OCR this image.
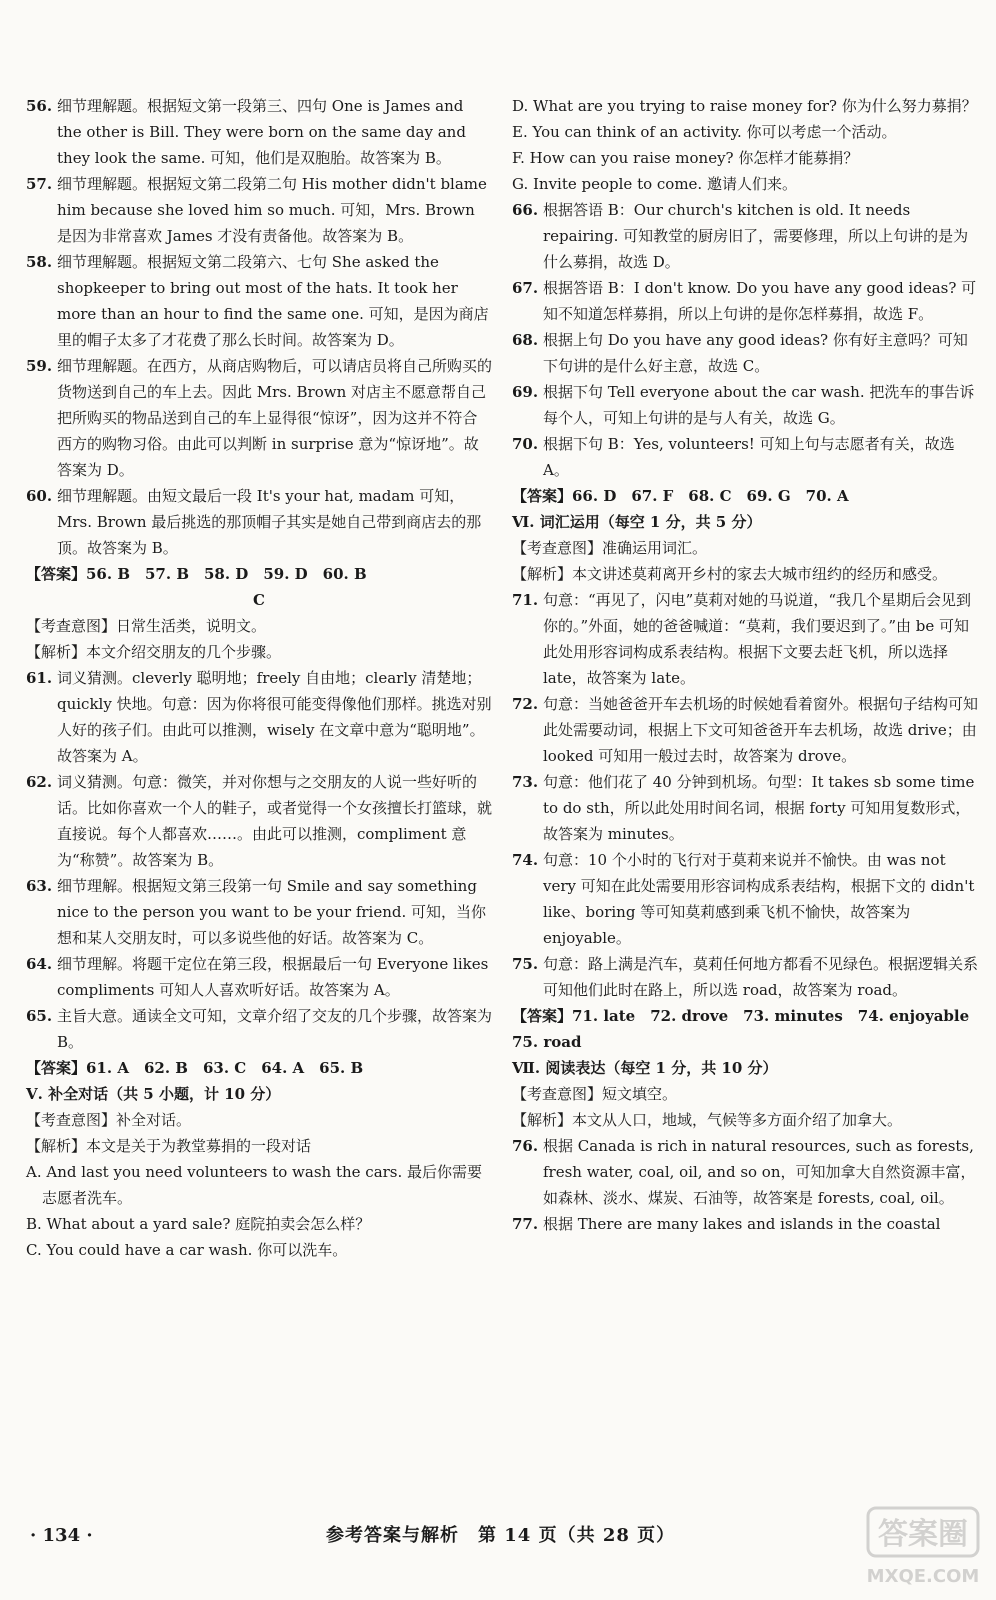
56. 细节理解题。根据短文第一段第三、四句 One is James and the other is Bill. They were born on the same day and they look the same. 可知，他们是双胞胎。故答案为 B。
57. 细节理解题。根据短文第二段第二句 His mother didn't blame him because she loved him so much. 可知，Mrs. Brown 是因为非常喜欢 James 才没有责备他。故答案为 B。
58. 细节理解题。根据短文第二段第六、七句 She asked the shopkeeper to bring out most of the hats. It took her more than an hour to find the same one. 可知，是因为商店里的帽子太多了才花费了那么长时间。故答案为 D。
59. 细节理解题。在西方，从商店购物后，可以请店员将自己所购买的货物送到自己的车上去。因此 Mrs. Brown 对店主不愿意帮自己把所购买的物品送到自己的车上显得很“惊讶”，因为这并不符合西方的购物习俗。由此可以判断 in surprise 意为“惊讶地”。故答案为 D。
60. 细节理解题。由短文最后一段 It's your hat, madam 可知，Mrs. Brown 最后挑选的那顶帽子其实是她自己带到商店去的那顶。故答案为 B。
【答案】56. B　57. B　58. D　59. D　60. B
C
【考查意图】日常生活类，说明文。
【解析】本文介绍交朋友的几个步骤。
61. 词义猜测。cleverly 聪明地；freely 自由地；clearly 清楚地；quickly 快地。句意：因为你将很可能变得像他们那样。挑选对别人好的孩子们。由此可以推测，wisely 在文章中意为“聪明地”。故答案为 A。
62. 词义猜测。句意：微笑，并对你想与之交朋友的人说一些好听的话。比如你喜欢一个人的鞋子，或者觉得一个女孩擅长打篮球，就直接说。每个人都喜欢……。由此可以推测，compliment 意为“称赞”。故答案为 B。
63. 细节理解。根据短文第三段第一句 Smile and say something nice to the person you want to be your friend. 可知，当你想和某人交朋友时，可以多说些他的好话。故答案为 C。
64. 细节理解。将题干定位在第三段，根据最后一句 Everyone likes compliments 可知人人喜欢听好话。故答案为 A。
65. 主旨大意。通读全文可知，文章介绍了交友的几个步骤，故答案为 B。
【答案】61. A　62. B　63. C　64. A　65. B
Ⅴ. 补全对话（共 5 小题，计 10 分）
【考查意图】补全对话。
【解析】本文是关于为教堂募捐的一段对话
A. And last you need volunteers to wash the cars. 最后你需要志愿者洗车。
B. What about a yard sale? 庭院拍卖会怎么样？
C. You could have a car wash. 你可以洗车。
D. What are you trying to raise money for? 你为什么努力募捐？
E. You can think of an activity. 你可以考虑一个活动。
F. How can you raise money? 你怎样才能募捐？
G. Invite people to come. 邀请人们来。
66. 根据答语 B：Our church's kitchen is old. It needs repairing. 可知教堂的厨房旧了，需要修理，所以上句讲的是为什么募捐，故选 D。
67. 根据答语 B：I don't know. Do you have any good ideas? 可知不知道怎样募捐，所以上句讲的是你怎样募捐，故选 F。
68. 根据上句 Do you have any good ideas? 你有好主意吗？可知下句讲的是什么好主意，故选 C。
69. 根据下句 Tell everyone about the car wash. 把洗车的事告诉每个人，可知上句讲的是与人有关，故选 G。
70. 根据下句 B：Yes, volunteers! 可知上句与志愿者有关，故选 A。
【答案】66. D　67. F　68. C　69. G　70. A
Ⅵ. 词汇运用（每空 1 分，共 5 分）
【考查意图】准确运用词汇。
【解析】本文讲述莫莉离开乡村的家去大城市纽约的经历和感受。
71. 句意：“再见了，闪电”莫莉对她的马说道，“我几个星期后会见到你的。”外面，她的爸爸喊道：“莫莉，我们要迟到了。”由 be 可知此处用形容词构成系表结构。根据下文要去赶飞机，所以选择 late，故答案为 late。
72. 句意：当她爸爸开车去机场的时候她看着窗外。根据句子结构可知此处需要动词，根据上下文可知爸爸开车去机场，故选 drive；由 looked 可知用一般过去时，故答案为 drove。
73. 句意：他们花了 40 分钟到机场。句型：It takes sb some time to do sth，所以此处用时间名词，根据 forty 可知用复数形式，故答案为 minutes。
74. 句意：10 个小时的飞行对于莫莉来说并不愉快。由 was not very 可知在此处需要用形容词构成系表结构，根据下文的 didn't like、boring 等可知莫莉感到乘飞机不愉快，故答案为 enjoyable。
75. 句意：路上满是汽车，莫莉任何地方都看不见绿色。根据逻辑关系可知他们此时在路上，所以选 road，故答案为 road。
【答案】71. late　72. drove　73. minutes　74. enjoyable　75. road
Ⅶ. 阅读表达（每空 1 分，共 10 分）
【考查意图】短文填空。
【解析】本文从人口，地域，气候等多方面介绍了加拿大。
76. 根据 Canada is rich in natural resources, such as forests, fresh water, coal, oil, and so on，可知加拿大自然资源丰富，如森林、淡水、煤炭、石油等，故答案是 forests, coal, oil。
77. 根据 There are many lakes and islands in the coastal
· 134 ·	参考答案与解析　第 14 页（共 28 页）	答案圈
MXQE.COM
